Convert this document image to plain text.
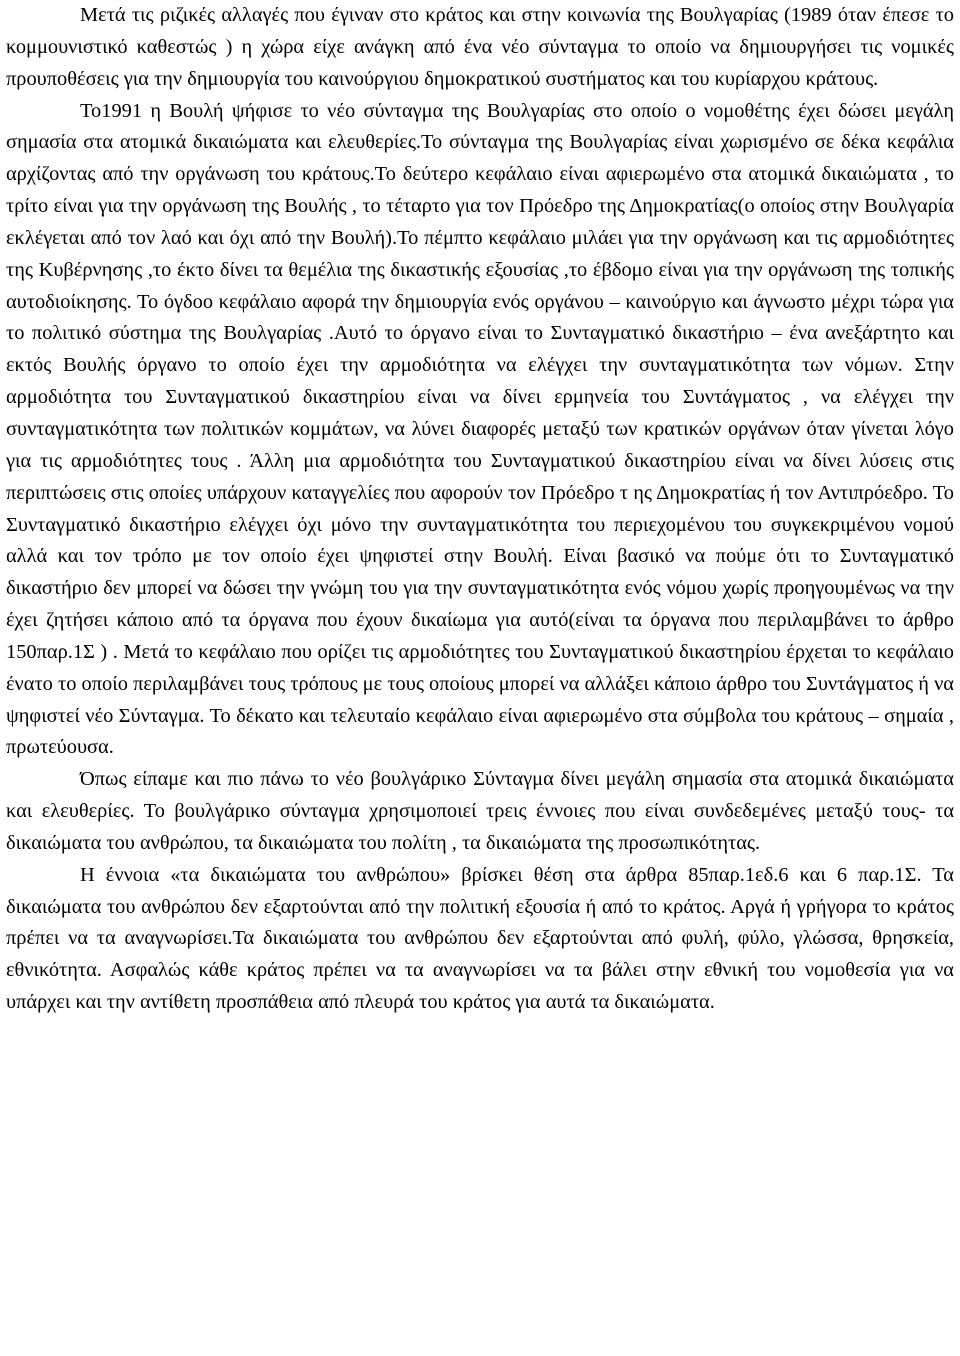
Μετά τις ριζικές αλλαγές που έγιναν στο κράτος και στην κοινωνία της Βουλγαρίας (1989 όταν έπεσε το κομμουνιστικό καθεστώς ) η χώρα είχε ανάγκη από ένα νέο σύνταγμα το οποίο να δημιουργήσει τις νομικές προυποθέσεις για την δημιουργία του καινούργιου δημοκρατικού συστήματος και του κυρίαρχου κράτους.

Το1991 η Βουλή ψήφισε το νέο σύνταγμα της Βουλγαρίας στο οποίο ο νομοθέτης έχει δώσει μεγάλη σημασία στα ατομικά δικαιώματα και ελευθερίες.Το σύνταγμα της Βουλγαρίας είναι χωρισμένο σε δέκα κεφάλια αρχίζοντας από την οργάνωση του κράτους.Το δεύτερο κεφάλαιο είναι αφιερωμένο στα ατομικά δικαιώματα , το τρίτο είναι για την οργάνωση της Βουλής , το τέταρτο για τον Πρόεδρο της Δημοκρατίας(ο οποίος στην Βουλγαρία εκλέγεται από τον λαό και όχι από την Βουλή).Το πέμπτο κεφάλαιο μιλάει για την οργάνωση και τις αρμοδιότητες της Κυβέρνησης ,το έκτο δίνει τα θεμέλια της δικαστικής εξουσίας ,το έβδομο είναι για την οργάνωση της τοπικής αυτοδιοίκησης. Το όγδοο κεφάλαιο αφορά την δημιουργία ενός οργάνου – καινούργιο και άγνωστο μέχρι τώρα για το πολιτικό σύστημα της Βουλγαρίας .Αυτό το όργανο είναι το Συνταγματικό δικαστήριο – ένα ανεξάρτητο και εκτός Βουλής όργανο το οποίο έχει την αρμοδιότητα να ελέγχει την συνταγματικότητα των νόμων. Στην αρμοδιότητα του Συνταγματικού δικαστηρίου είναι να δίνει ερμηνεία του Συντάγματος , να ελέγχει την συνταγματικότητα των πολιτικών κομμάτων, να λύνει διαφορές μεταξύ των κρατικών οργάνων όταν γίνεται λόγο για τις αρμοδιότητες τους . Άλλη μια αρμοδιότητα του Συνταγματικού δικαστηρίου είναι να δίνει λύσεις στις περιπτώσεις στις οποίες υπάρχουν καταγγελίες που αφορούν τον Πρόεδρο τ ης Δημοκρατίας ή τον Αντιπρόεδρο. Το Συνταγματικό δικαστήριο ελέγχει όχι μόνο την συνταγματικότητα του περιεχομένου του συγκεκριμένου νομού αλλά και τον τρόπο με τον οποίο έχει ψηφιστεί στην Βουλή. Είναι βασικό να πούμε ότι το Συνταγματικό δικαστήριο δεν μπορεί να δώσει την γνώμη του για την συνταγματικότητα ενός νόμου χωρίς προηγουμένως να την έχει ζητήσει κάποιο από τα όργανα που έχουν δικαίωμα για αυτό(είναι τα όργανα που περιλαμβάνει το άρθρο 150παρ.1Σ ) . Μετά το κεφάλαιο που ορίζει τις αρμοδιότητες του Συνταγματικού δικαστηρίου έρχεται το κεφάλαιο ένατο το οποίο περιλαμβάνει τους τρόπους με τους οποίους μπορεί να αλλάξει κάποιο άρθρο του Συντάγματος ή να ψηφιστεί νέο Σύνταγμα. Το δέκατο και τελευταίο κεφάλαιο είναι αφιερωμένο στα σύμβολα του κράτους – σημαία , πρωτεύουσα.

Όπως είπαμε και πιο πάνω το νέο βουλγάρικο Σύνταγμα δίνει μεγάλη σημασία στα ατομικά δικαιώματα και ελευθερίες. Το βουλγάρικο σύνταγμα χρησιμοποιεί τρεις έννοιες που είναι συνδεδεμένες μεταξύ τους- τα δικαιώματα του ανθρώπου, τα δικαιώματα του πολίτη , τα δικαιώματα της προσωπικότητας.

Η έννοια «τα δικαιώματα του ανθρώπου» βρίσκει θέση στα άρθρα 85παρ.1εδ.6 και 6 παρ.1Σ. Τα δικαιώματα του ανθρώπου δεν εξαρτούνται από την πολιτική εξουσία ή από το κράτος. Αργά ή γρήγορα το κράτος πρέπει να τα αναγνωρίσει.Τα δικαιώματα του ανθρώπου δεν εξαρτούνται από φυλή, φύλο, γλώσσα, θρησκεία, εθνικότητα. Ασφαλώς κάθε κράτος πρέπει να τα αναγνωρίσει να τα βάλει στην εθνική του νομοθεσία για να υπάρχει και την αντίθετη προσπάθεια από πλευρά του κράτος για αυτά τα δικαιώματα.
